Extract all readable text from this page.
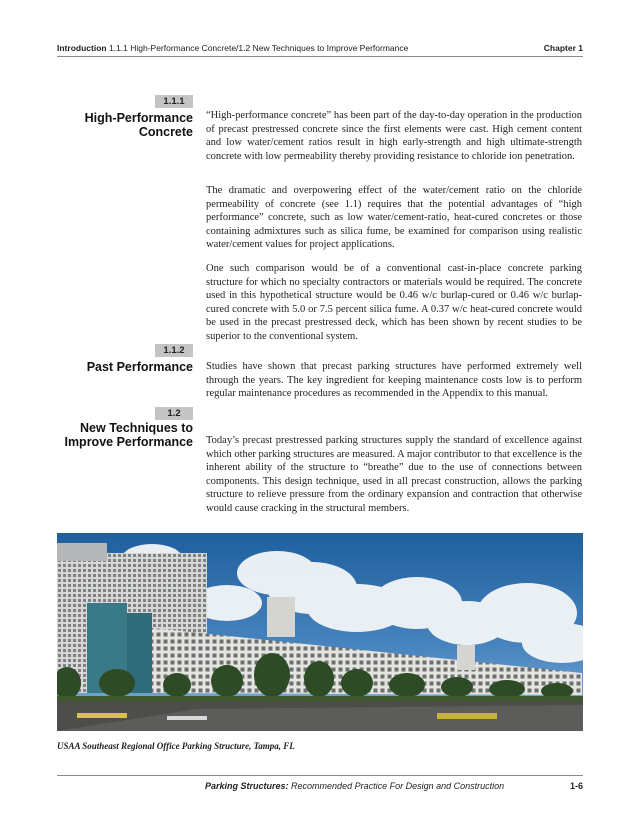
Introduction 1.1.1 High-Performance Concrete/1.2 New Techniques to Improve Performance	Chapter 1
1.1.1
High-Performance
Concrete

“High-performance concrete” has been part of the day-to-day operation in the production of precast prestressed concrete since the first elements were cast. High cement content and low water/cement ratios result in high early-strength and high ultimate-strength concrete with low permeability thereby providing resistance to chloride ion penetration.

The dramatic and overpowering effect of the water/cement ratio on the chloride permeability of concrete (see 1.1) requires that the potential advantages of “high performance” concrete, such as low water/cement-ratio, heat-cured concretes or those containing admixtures such as silica fume, be examined for comparison using realistic water/cement values for project applications.

One such comparison would be of a conventional cast-in-place concrete parking structure for which no specialty contractors or materials would be required. The concrete used in this hypothetical structure would be 0.46 w/c burlap-cured or 0.46 w/c burlap-cured concrete with 5.0 or 7.5 percent silica fume. A 0.37 w/c heat-cured concrete would be used in the precast prestressed deck, which has been shown by recent studies to be superior to the conventional system.

1.1.2
Past Performance Studies have shown that precast parking structures have performed extremely well through the years. The key ingredient for keeping maintenance costs low is to perform regular maintenance procedures as recommended in the Appendix to this manual.

1.2
New Techniques to
Improve Performance Today’s precast prestressed parking structures supply the standard of excellence against which other parking structures are measured. A major contributor to that excellence is the inherent ability of the structure to “breathe” due to the use of connections between components. This design technique, used in all precast construction, allows the parking structure to relieve pressure from the ordinary expansion and contraction that otherwise would cause cracking in the structural members.

USAA Southeast Regional Office Parking Structure, Tampa, FL
Parking Structures: Recommended Practice For Design and Construction	1-6
